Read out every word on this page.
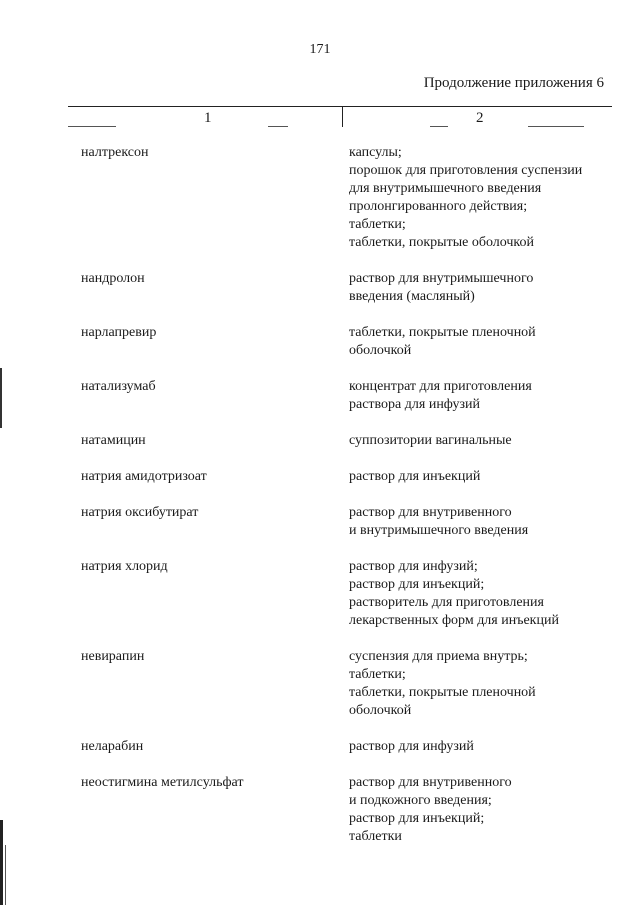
171
Продолжение приложения 6
1	2
налтрексон	капсулы;
порошок для приготовления суспензии
для внутримышечного введения
пролонгированного действия;
таблетки;
таблетки, покрытые оболочкой
нандролон	раствор для внутримышечного
введения (масляный)
нарлапревир	таблетки, покрытые пленочной
оболочкой
натализумаб	концентрат для приготовления
раствора для инфузий
натамицин	суппозитории вагинальные
натрия амидотризоат	раствор для инъекций
натрия оксибутират	раствор для внутривенного
и внутримышечного введения
натрия хлорид	раствор для инфузий;
раствор для инъекций;
растворитель для приготовления
лекарственных форм для инъекций
невирапин	суспензия для приема внутрь;
таблетки;
таблетки, покрытые пленочной
оболочкой
неларабин	раствор для инфузий
неостигмина метилсульфат	раствор для внутривенного
и подкожного введения;
раствор для инъекций;
таблетки
